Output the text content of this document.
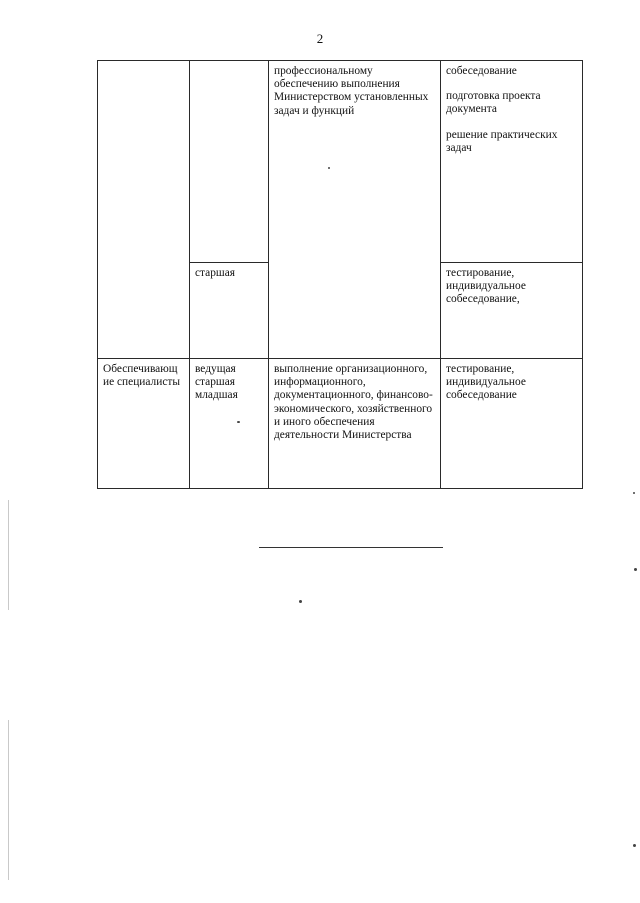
2

профессиональному обеспечению выполнения Министерством установленных задач и функций

собеседование

подготовка проекта документа

решение практических задач

старшая	тестирование, индивидуальное собеседование,

Обеспечивающ ие специалисты

ведущая

старшая

младшая

выполнение организационного, информационного, документационного, финансово-экономического, хозяйственного и иного обеспечения деятельности Министерства

тестирование, индивидуальное собеседование
